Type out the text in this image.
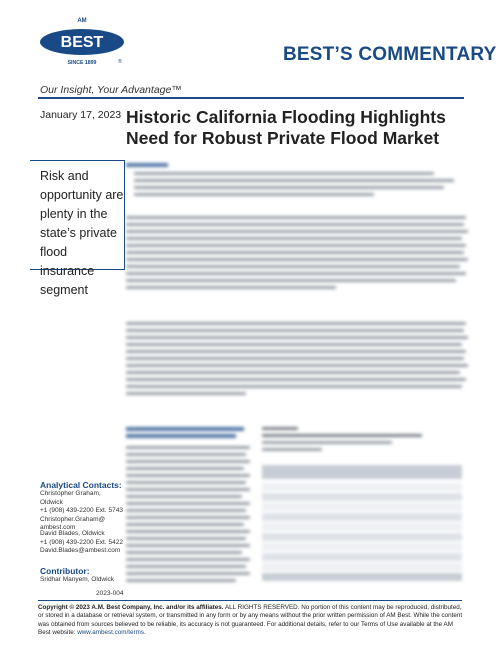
AM
BEST
SINCE 1899	®	BEST’S COMMENTARY
Our Insight, Your Advantage™
January 17, 2023 Historic California Flooding Highlights Need for Robust Private Flood Market
Risk and opportunity are plenty in the state’s private flood insurance segment
Analytical Contacts:
Christopher Graham, Oldwick
+1 (908) 439-2200 Ext. 5743
Christopher.Graham@
ambest.com
David Blades, Oldwick
+1 (908) 439-2200 Ext. 5422
David.Blades@ambest.com
Contributor:
Sridhar Manyem, Oldwick
2023-004
Copyright © 2023 A.M. Best Company, Inc. and/or its affiliates. ALL RIGHTS RESERVED. No portion of this content may be reproduced, distributed, or stored in a database or retrieval system, or transmitted in any form or by any means without the prior written permission of AM Best. While the content was obtained from sources believed to be reliable, its accuracy is not guaranteed. For additional details, refer to our Terms of Use available at the AM Best website: www.ambest.com/terms.
